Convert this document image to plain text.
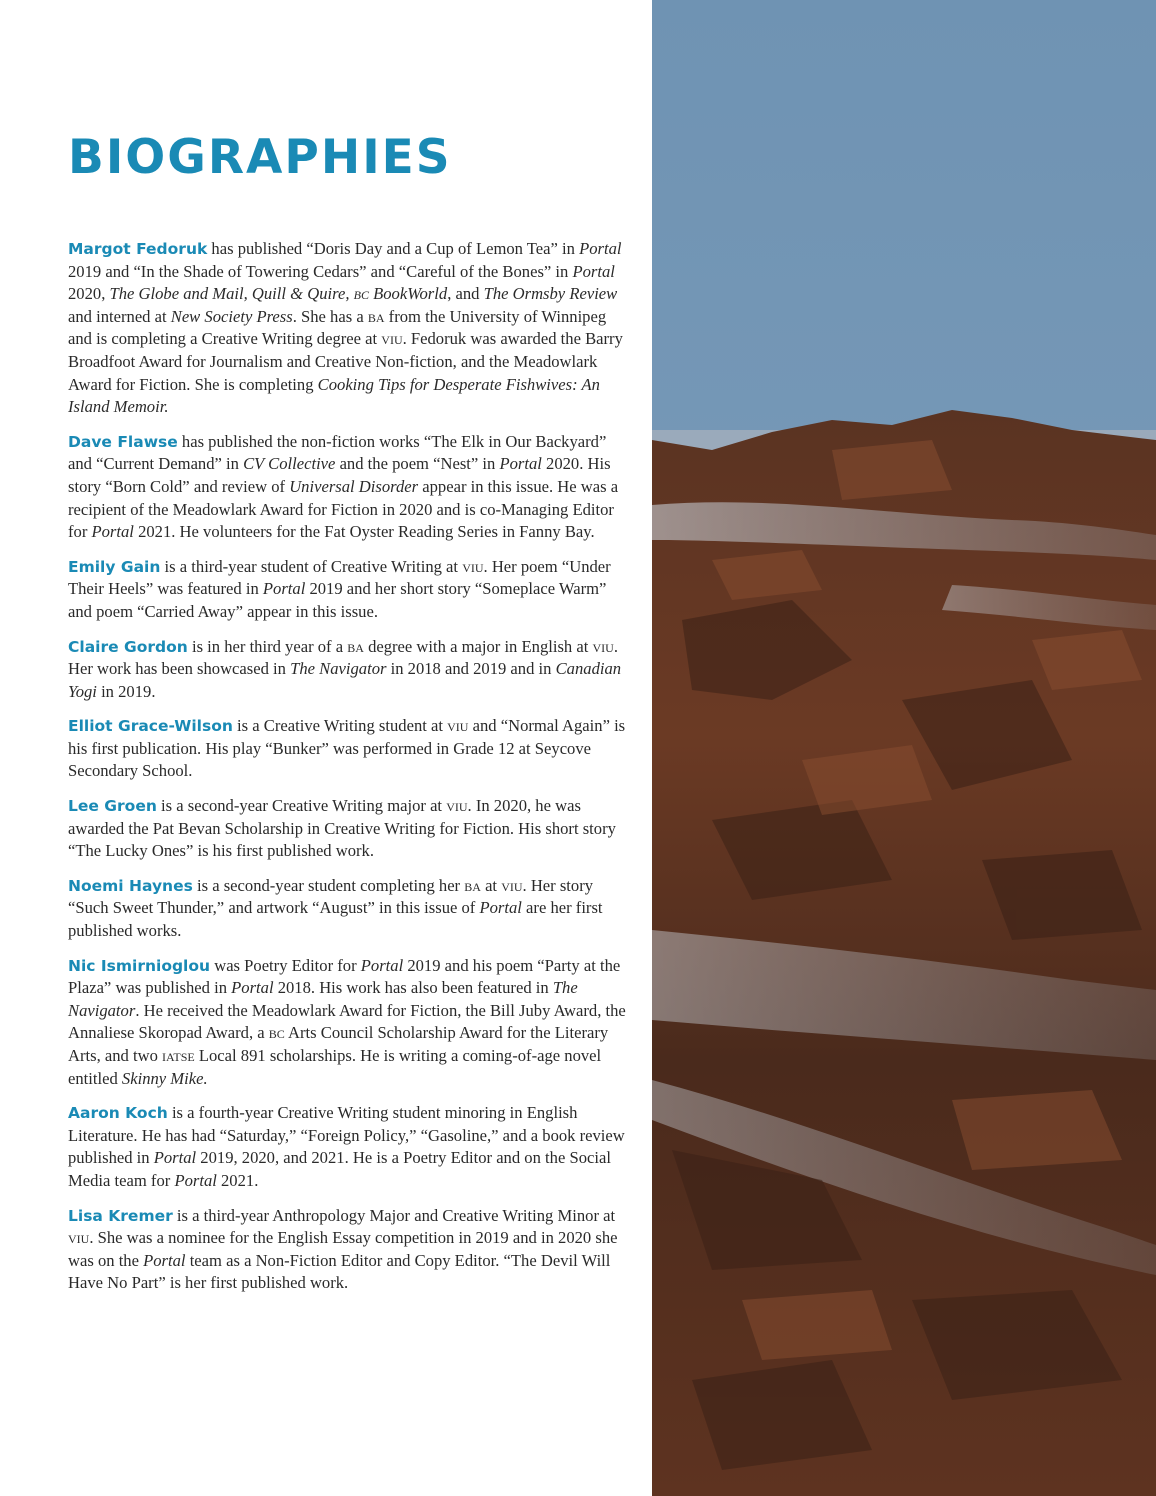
BIOGRAPHIES

Margot Fedoruk has published “Doris Day and a Cup of Lemon Tea” in Portal 2019 and “In the Shade of Towering Cedars” and “Careful of the Bones” in Portal 2020, The Globe and Mail, Quill & Quire, bc BookWorld, and The Ormsby Review and interned at New Society Press. She has a ba from the University of Winnipeg and is completing a Creative Writing degree at viu. Fedoruk was awarded the Barry Broadfoot Award for Journalism and Creative Non-fiction, and the Meadowlark Award for Fiction. She is completing Cooking Tips for Desperate Fishwives: An Island Memoir.

Dave Flawse has published the non-fiction works “The Elk in Our Backyard” and “Current Demand” in CV Collective and the poem “Nest” in Portal 2020. His story “Born Cold” and review of Universal Disorder appear in this issue. He was a recipient of the Meadowlark Award for Fiction in 2020 and is co-Managing Editor for Portal 2021. He volunteers for the Fat Oyster Reading Series in Fanny Bay.

Emily Gain is a third-year student of Creative Writing at viu. Her poem “Under Their Heels” was featured in Portal 2019 and her short story “Someplace Warm” and poem “Carried Away” appear in this issue.

Claire Gordon is in her third year of a ba degree with a major in English at viu. Her work has been showcased in The Navigator in 2018 and 2019 and in Canadian Yogi in 2019.

Elliot Grace-Wilson is a Creative Writing student at viu and “Normal Again” is his first publication. His play “Bunker” was performed in Grade 12 at Seycove Secondary School.

Lee Groen is a second-year Creative Writing major at viu. In 2020, he was awarded the Pat Bevan Scholarship in Creative Writing for Fiction. His short story “The Lucky Ones” is his first published work.

Noemi Haynes is a second-year student completing her ba at viu. Her story “Such Sweet Thunder,” and artwork “August” in this issue of Portal are her first published works.

Nic Ismirnioglou was Poetry Editor for Portal 2019 and his poem “Party at the Plaza” was published in Portal 2018. His work has also been featured in The Navigator. He received the Meadowlark Award for Fiction, the Bill Juby Award, the Annaliese Skoropad Award, a bc Arts Council Scholarship Award for the Literary Arts, and two iatse Local 891 scholarships. He is writing a coming-of-age novel entitled Skinny Mike.

Aaron Koch is a fourth-year Creative Writing student minoring in English Literature. He has had “Saturday,” “Foreign Policy,” “Gasoline,” and a book review published in Portal 2019, 2020, and 2021. He is a Poetry Editor and on the Social Media team for Portal 2021.

Lisa Kremer is a third-year Anthropology Major and Creative Writing Minor at viu. She was a nominee for the English Essay competition in 2019 and in 2020 she was on the Portal team as a Non-Fiction Editor and Copy Editor. “The Devil Will Have No Part” is her first published work.
